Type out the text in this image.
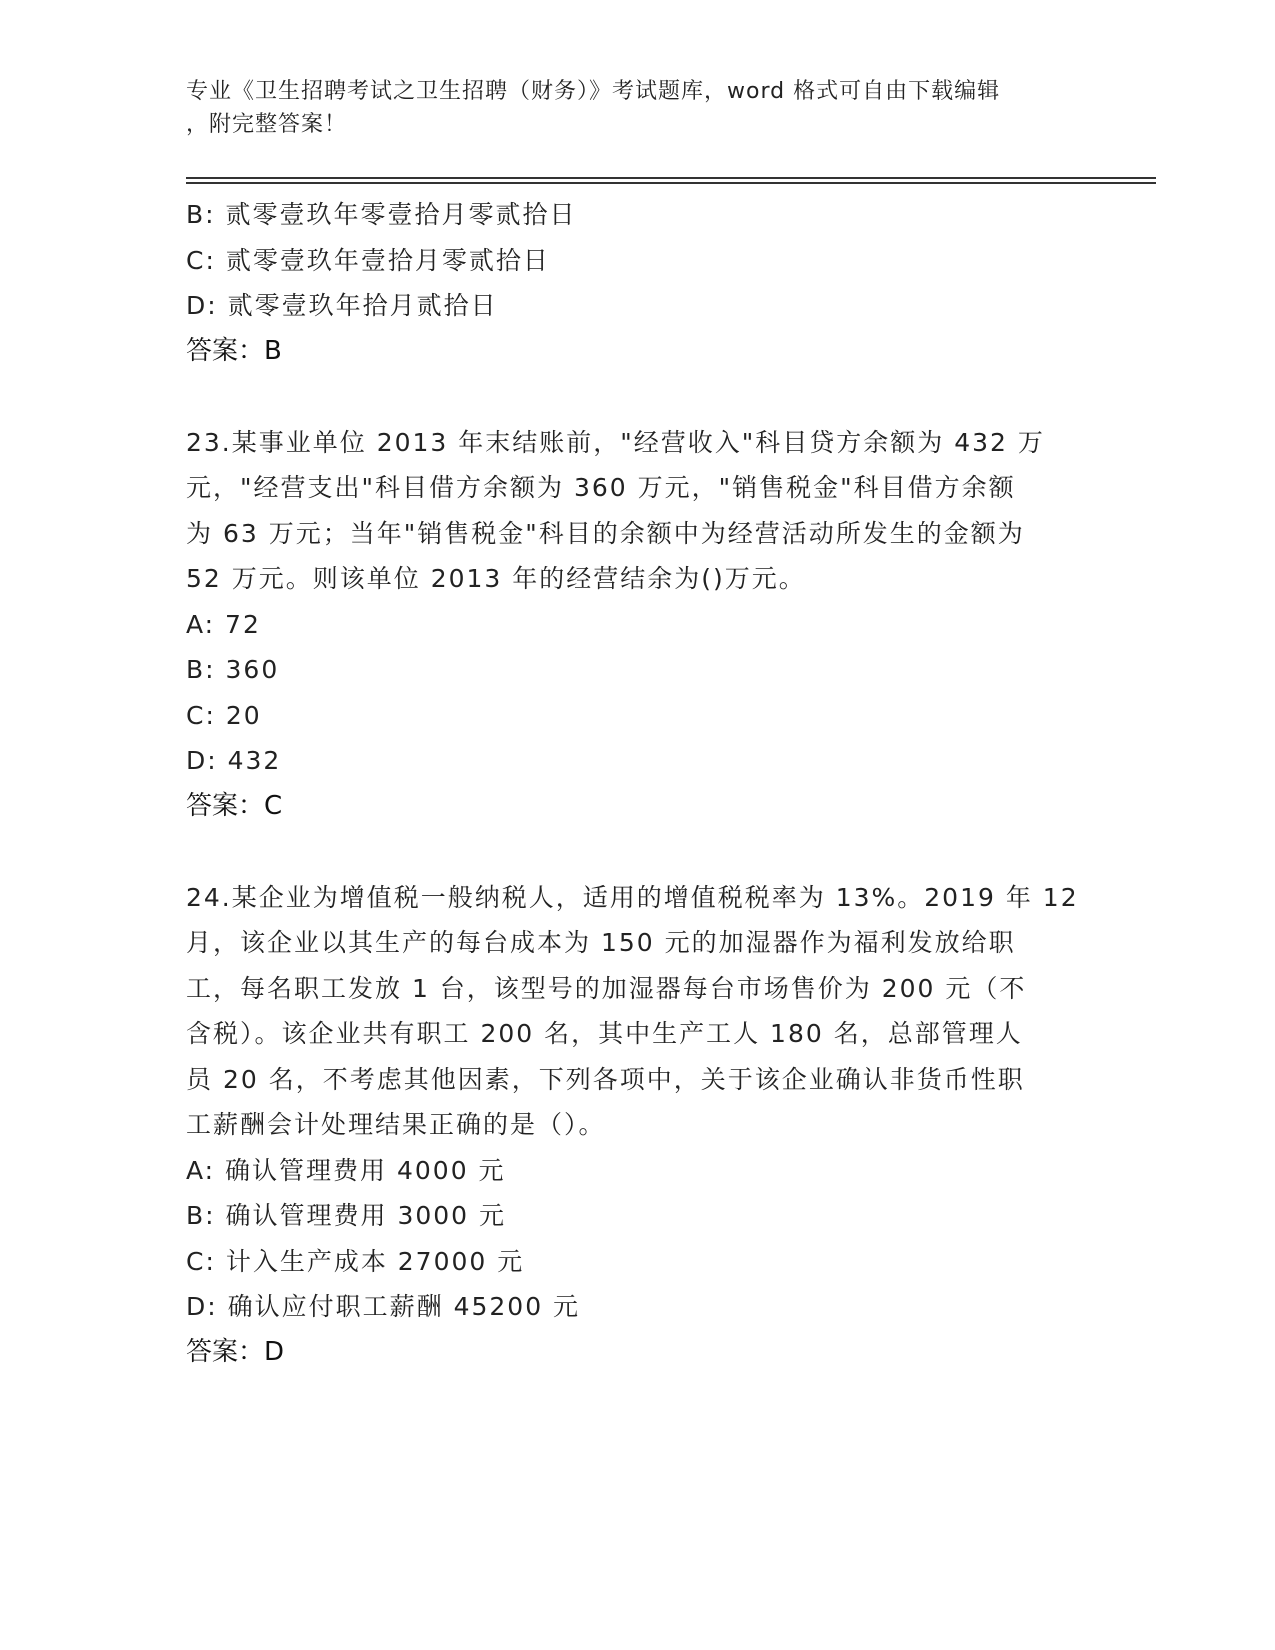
专业《卫生招聘考试之卫生招聘（财务）》考试题库，word 格式可自由下载编辑
，附完整答案！
B: 贰零壹玖年零壹拾月零贰拾日
C: 贰零壹玖年壹拾月零贰拾日
D: 贰零壹玖年拾月贰拾日
答案：B
23.某事业单位 2013 年末结账前，"经营收入"科目贷方余额为 432 万
元，"经营支出"科目借方余额为 360 万元，"销售税金"科目借方余额
为 63 万元；当年"销售税金"科目的余额中为经营活动所发生的金额为
52 万元。则该单位 2013 年的经营结余为()万元。
A: 72
B: 360
C: 20
D: 432
答案：C
24.某企业为增值税一般纳税人，适用的增值税税率为 13%。2019 年 12
月，该企业以其生产的每台成本为 150 元的加湿器作为福利发放给职
工，每名职工发放 1 台，该型号的加湿器每台市场售价为 200 元（不
含税）。该企业共有职工 200 名，其中生产工人 180 名，总部管理人
员 20 名，不考虑其他因素，下列各项中，关于该企业确认非货币性职
工薪酬会计处理结果正确的是（）。
A: 确认管理费用 4000 元
B: 确认管理费用 3000 元
C: 计入生产成本 27000 元
D: 确认应付职工薪酬 45200 元
答案：D
